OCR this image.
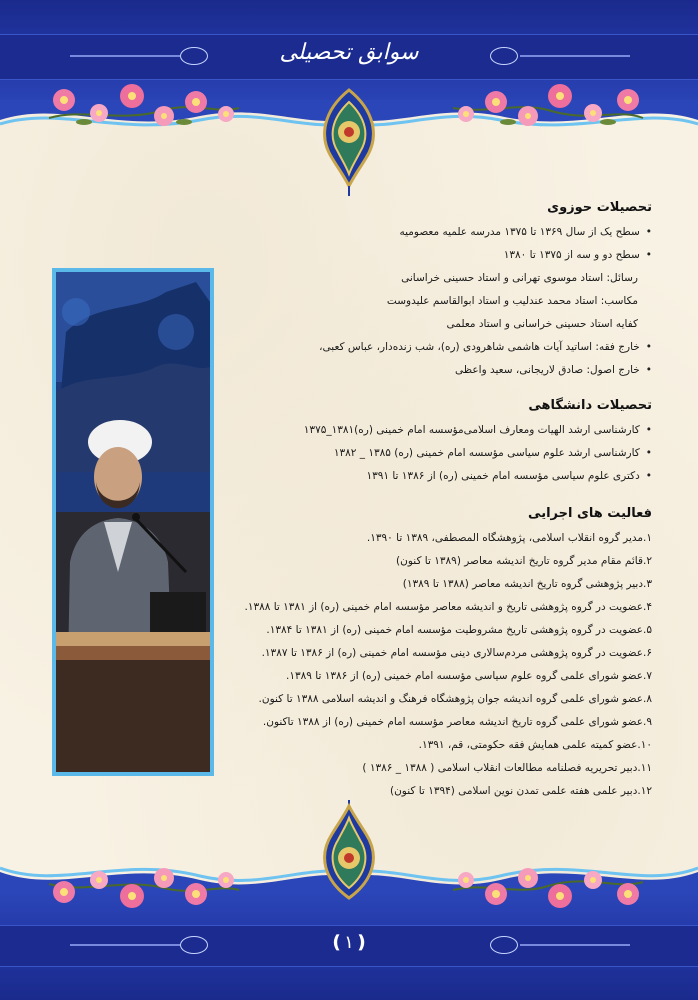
سوابق تحصیلی
تحصیلات حوزوی
• سطح یک از سال ۱۳۶۹ تا ۱۳۷۵ مدرسه علمیه معصومیه
• سطح دو و سه از ۱۳۷۵ تا ۱۳۸۰
رسائل: استاد موسوی تهرانی و استاد حسینی خراسانی
مکاسب: استاد محمد عندلیب و استاد ابوالقاسم علیدوست
کفایه استاد حسینی خراسانی و استاد معلمی
• خارج فقه: اساتید آیات هاشمی شاهرودی (ره)، شب زنده‌دار، عباس کعبی،
• خارج اصول: صادق لاریجانی، سعید واعظی
تحصیلات دانشگاهی
• کارشناسی ارشد الهیات ومعارف اسلامی‌مؤسسه امام خمینی (ره)۱۳۸۱_۱۳۷۵
• کارشناسی ارشد علوم سیاسی مؤسسه امام خمینی (ره) ۱۳۸۵ _ ۱۳۸۲
• دکتری علوم سیاسی مؤسسه امام خمینی (ره) از ۱۳۸۶ تا ۱۳۹۱
فعالیت های اجرایی
۱.مدیر گروه انقلاب اسلامی، پژوهشگاه المصطفی، ۱۳۸۹ تا ۱۳۹۰.
۲.قائم مقام مدیر گروه تاریخ اندیشه معاصر (۱۳۸۹ تا کنون)
۳.دبیر پژوهشی گروه تاریخ اندیشه معاصر (۱۳۸۸ تا ۱۳۸۹)
۴.عضویت در گروه پژوهشی تاریخ و اندیشه معاصر مؤسسه امام خمینی (ره) از ۱۳۸۱ تا ۱۳۸۸.
۵.عضویت در گروه پژوهشی تاریخ مشروطیت مؤسسه امام خمینی (ره) از ۱۳۸۱ تا ۱۳۸۴.
۶.عضویت در گروه پژوهشی مردم‌سالاری دینی مؤسسه امام خمینی (ره) از ۱۳۸۶ تا ۱۳۸۷.
۷.عضو شورای علمی گروه علوم سیاسی مؤسسه امام خمینی (ره) از ۱۳۸۶ تا ۱۳۸۹.
۸.عضو شورای علمی گروه اندیشه جوان پژوهشگاه فرهنگ و اندیشه اسلامی ۱۳۸۸ تا کنون.
۹.عضو شورای علمی گروه تاریخ اندیشه معاصر مؤسسه امام خمینی (ره) از ۱۳۸۸ تاکنون.
۱۰.عضو کمیته علمی همایش فقه حکومتی، قم، ۱۳۹۱.
۱۱.دبیر تحریریه فصلنامه مطالعات انقلاب اسلامی ( ۱۳۸۸ _ ۱۳۸۶ )
۱۲.دبیر علمی هفته علمی تمدن نوین اسلامی (۱۳۹۴ تا کنون)
❪۱❫
